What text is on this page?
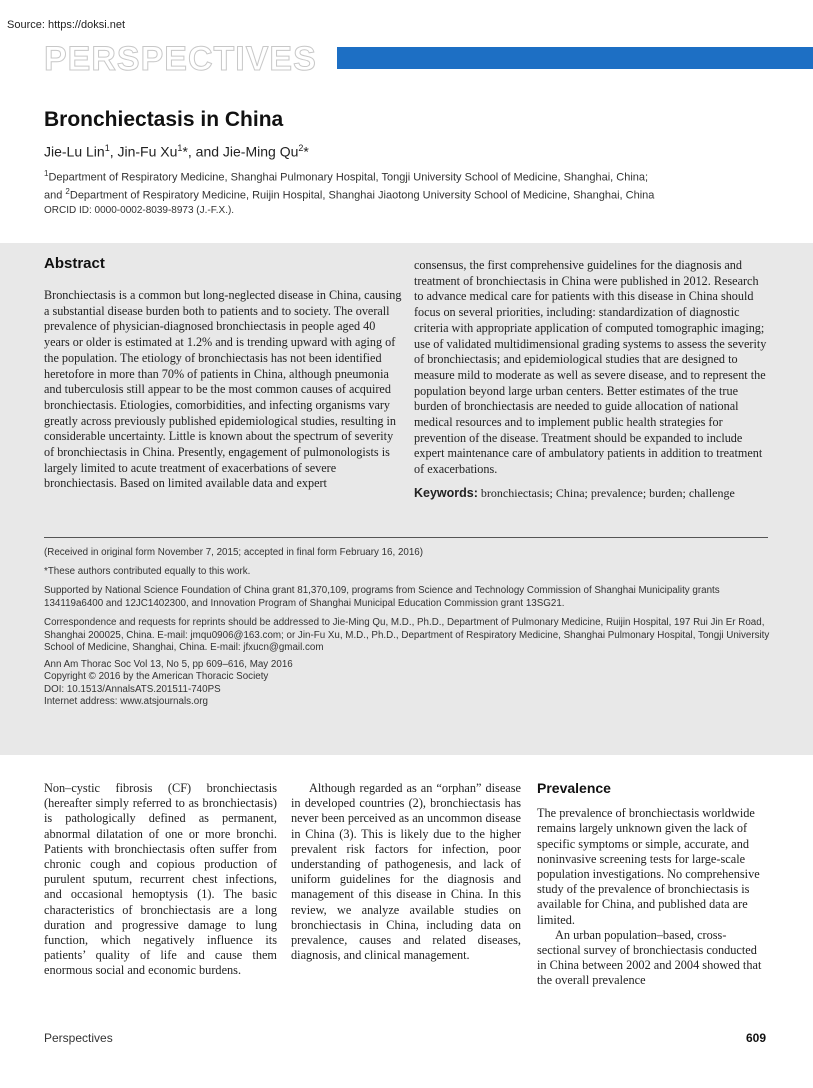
Source: https://doksi.net
PERSPECTIVES
Bronchiectasis in China
Jie-Lu Lin$^1$, Jin-Fu Xu$^1$*, and Jie-Ming Qu$^2$*
$^1$Department of Respiratory Medicine, Shanghai Pulmonary Hospital, Tongji University School of Medicine, Shanghai, China;
and $^2$Department of Respiratory Medicine, Ruijin Hospital, Shanghai Jiaotong University School of Medicine, Shanghai, China
ORCID ID: 0000-0002-8039-8973 (J.-F.X.).
Abstract
Bronchiectasis is a common but long-neglected disease in China, causing a substantial disease burden both to patients and to society. The overall prevalence of physician-diagnosed bronchiectasis in people aged 40 years or older is estimated at 1.2% and is trending upward with aging of the population. The etiology of bronchiectasis has not been identified heretofore in more than 70% of patients in China, although pneumonia and tuberculosis still appear to be the most common causes of acquired bronchiectasis. Etiologies, comorbidities, and infecting organisms vary greatly across previously published epidemiological studies, resulting in considerable uncertainty. Little is known about the spectrum of severity of bronchiectasis in China. Presently, engagement of pulmonologists is largely limited to acute treatment of exacerbations of severe bronchiectasis. Based on limited available data and expert
consensus, the first comprehensive guidelines for the diagnosis and treatment of bronchiectasis in China were published in 2012. Research to advance medical care for patients with this disease in China should focus on several priorities, including: standardization of diagnostic criteria with appropriate application of computed tomographic imaging; use of validated multidimensional grading systems to assess the severity of bronchiectasis; and epidemiological studies that are designed to measure mild to moderate as well as severe disease, and to represent the population beyond large urban centers. Better estimates of the true burden of bronchiectasis are needed to guide allocation of national medical resources and to implement public health strategies for prevention of the disease. Treatment should be expanded to include expert maintenance care of ambulatory patients in addition to treatment of exacerbations.
Keywords: bronchiectasis; China; prevalence; burden; challenge
(Received in original form November 7, 2015; accepted in final form February 16, 2016)
*These authors contributed equally to this work.
Supported by National Science Foundation of China grant 81,370,109, programs from Science and Technology Commission of Shanghai Municipality grants 134119a6400 and 12JC1402300, and Innovation Program of Shanghai Municipal Education Commission grant 13SG21.
Correspondence and requests for reprints should be addressed to Jie-Ming Qu, M.D., Ph.D., Department of Pulmonary Medicine, Ruijin Hospital, 197 Rui Jin Er Road, Shanghai 200025, China. E-mail: jmqu0906@163.com; or Jin-Fu Xu, M.D., Ph.D., Department of Respiratory Medicine, Shanghai Pulmonary Hospital, Tongji University School of Medicine, Shanghai, China. E-mail: jfxucn@gmail.com
Ann Am Thorac Soc Vol 13, No 5, pp 609–616, May 2016
Copyright © 2016 by the American Thoracic Society
DOI: 10.1513/AnnalsATS.201511-740PS
Internet address: www.atsjournals.org
Non–cystic fibrosis (CF) bronchiectasis (hereafter simply referred to as bronchiectasis) is pathologically defined as permanent, abnormal dilatation of one or more bronchi. Patients with bronchiectasis often suffer from chronic cough and copious production of purulent sputum, recurrent chest infections, and occasional hemoptysis (1). The basic characteristics of bronchiectasis are a long duration and progressive damage to lung function, which negatively influence its patients’ quality of life and cause them enormous social and economic burdens.
Although regarded as an “orphan” disease in developed countries (2), bronchiectasis has never been perceived as an uncommon disease in China (3). This is likely due to the higher prevalent risk factors for infection, poor understanding of pathogenesis, and lack of uniform guidelines for the diagnosis and management of this disease in China. In this review, we analyze available studies on bronchiectasis in China, including data on prevalence, causes and related diseases, diagnosis, and clinical management.
Prevalence
The prevalence of bronchiectasis worldwide remains largely unknown given the lack of specific symptoms or simple, accurate, and noninvasive screening tests for large-scale population investigations. No comprehensive study of the prevalence of bronchiectasis is available for China, and published data are limited.
An urban population–based, cross-sectional survey of bronchiectasis conducted in China between 2002 and 2004 showed that the overall prevalence
Perspectives	609
